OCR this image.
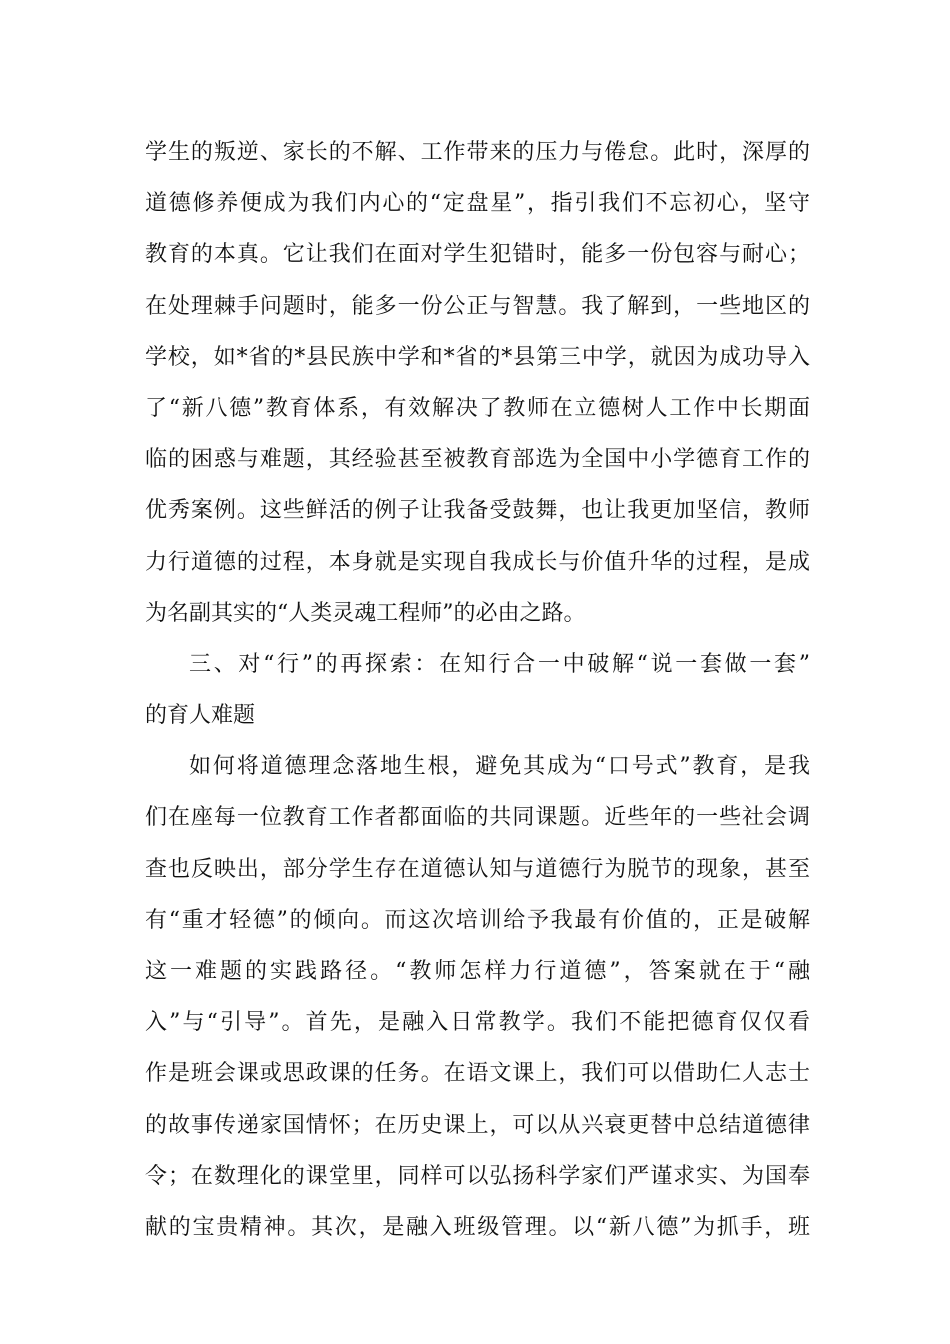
学生的叛逆、家长的不解、工作带来的压力与倦怠。此时，深厚的
道德修养便成为我们内心的“定盘星”，指引我们不忘初心，坚守
教育的本真。它让我们在面对学生犯错时，能多一份包容与耐心；
在处理棘手问题时，能多一份公正与智慧。我了解到，一些地区的
学校，如*省的*县民族中学和*省的*县第三中学，就因为成功导入
了“新八德”教育体系，有效解决了教师在立德树人工作中长期面
临的困惑与难题，其经验甚至被教育部选为全国中小学德育工作的
优秀案例。这些鲜活的例子让我备受鼓舞，也让我更加坚信，教师
力行道德的过程，本身就是实现自我成长与价值升华的过程，是成
为名副其实的“人类灵魂工程师”的必由之路。
三、对“行”的再探索：在知行合一中破解“说一套做一套”
的育人难题
如何将道德理念落地生根，避免其成为“口号式”教育，是我
们在座每一位教育工作者都面临的共同课题。近些年的一些社会调
查也反映出，部分学生存在道德认知与道德行为脱节的现象，甚至
有“重才轻德”的倾向。而这次培训给予我最有价值的，正是破解
这一难题的实践路径。“教师怎样力行道德”，答案就在于“融
入”与“引导”。首先，是融入日常教学。我们不能把德育仅仅看
作是班会课或思政课的任务。在语文课上，我们可以借助仁人志士
的故事传递家国情怀；在历史课上，可以从兴衰更替中总结道德律
令；在数理化的课堂里，同样可以弘扬科学家们严谨求实、为国奉
献的宝贵精神。其次，是融入班级管理。以“新八德”为抓手，班
